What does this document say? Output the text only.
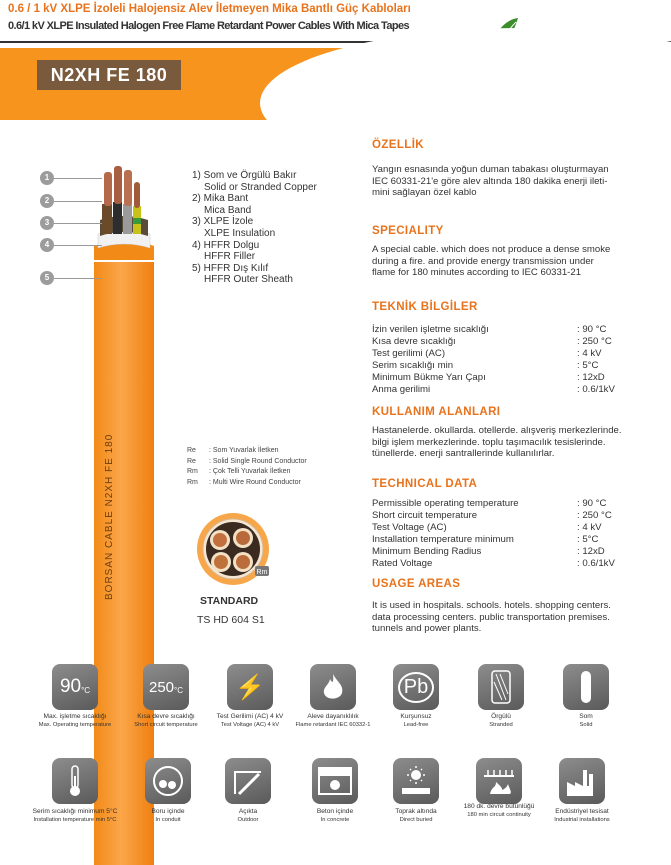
0.6 / 1 kV XLPE İzoleli Halojensiz Alev İletmeyen Mika Bantlı Güç Kabloları
0.6/1 kV XLPE Insulated Halogen Free Flame Retardant Power Cables With Mica Tapes
N2XH FE 180
BORSAN CABLE N2XH FE 180
1
2
3
4
5
1) Som ve Örgülü Bakır
Solid or Stranded Copper
2) Mika Bant
Mica Band
3) XLPE İzole
XLPE Insulation
4) HFFR Dolgu
HFFR Filler
5) HFFR Dış Kılıf
HFFR Outer Sheath
Re : Som Yuvarlak İletken
Re : Solid Single Round Conductor
Rm : Çok Telli Yuvarlak İletken
Rm : Multi Wire Round Conductor
Rm
STANDARD
TS HD 604 S1
ÖZELLİK
Yangın esnasında yoğun duman tabakası oluşturmayan
IEC 60331-21'e göre alev altında 180 dakika enerji ileti-
mini sağlayan özel kablo
SPECIALITY
A special cable. which does not produce a dense smoke
during a fire. and provide energy transmission under
flame for 180 minutes according to IEC 60331-21
TEKNİK BİLGİLER
İzin verilen işletme sıcaklığı	: 90 °C
Kısa devre sıcaklığı	: 250 °C
Test gerilimi (AC)	: 4 kV
Serim sıcaklığı min	: 5°C
Minimum Bükme Yarı Çapı	: 12xD
Anma gerilimi	: 0.6/1kV
KULLANIM ALANLARI
Hastanelerde. okullarda. otellerde. alışveriş merkezlerinde.
bilgi işlem merkezlerinde. toplu taşımacılık tesislerinde.
tünellerde. enerji santrallerinde kullanılırlar.
TECHNICAL DATA
Permissible operating temperature	: 90 °C
Short circuit temperature	: 250 °C
Test Voltage (AC)	: 4 kV
Installation temperature minimum	: 5°C
Minimum Bending Radius	: 12xD
Rated Voltage	: 0.6/1kV
USAGE AREAS
It is used in hospitals. schools. hotels. shopping centers.
data processing centers. public transportation premises.
tunnels and power plants.
90 °C
Max. işletme sıcaklığı
Max. Operating temperature
250 °C
Kısa devre sıcaklığı
Short circuit temperature
⚡
Test Gerilimi (AC) 4 kV
Test Voltage (AC) 4 kV
Aleve dayanıklılık
Flame retardant IEC 60332-1
Pb
Kurşunsuz
Lead-free
Örgülü
Stranded
Som
Solid
Serim sıcaklığı minimum 5°C
Installation temperature min 5°C
Boru içinde
In conduit
Açıkta
Outdoor
Beton içinde
In concrete
Toprak altında
Direct buried
180 dk. devre bütünlüğü
180 min circuit continuity	Endüstriyel tesisat
Industrial installations
